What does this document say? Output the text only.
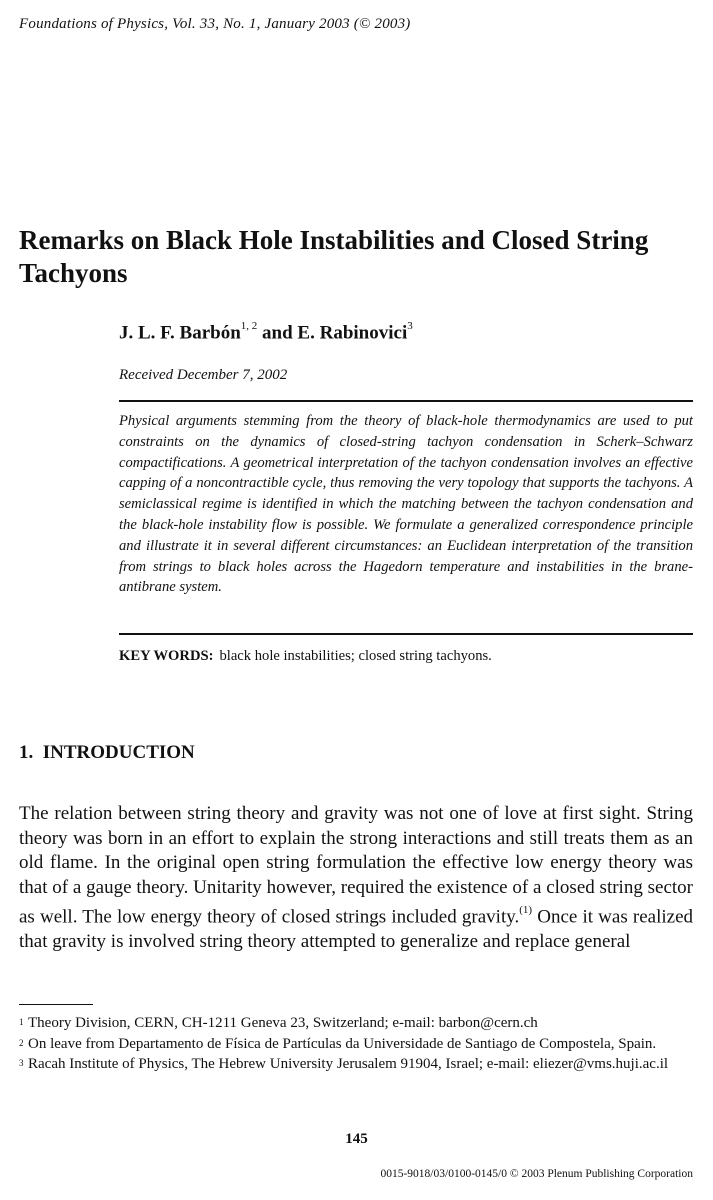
Foundations of Physics, Vol. 33, No. 1, January 2003 (© 2003)
Remarks on Black Hole Instabilities and Closed String Tachyons
J. L. F. Barbón$^{1, 2}$ and E. Rabinovici$^3$
Received December 7, 2002
Physical arguments stemming from the theory of black-hole thermodynamics are used to put constraints on the dynamics of closed-string tachyon condensation in Scherk–Schwarz compactifications. A geometrical interpretation of the tachyon condensation involves an effective capping of a noncontractible cycle, thus removing the very topology that supports the tachyons. A semiclassical regime is identified in which the matching between the tachyon condensation and the black-hole instability flow is possible. We formulate a generalized correspondence principle and illustrate it in several different circumstances: an Euclidean interpretation of the transition from strings to black holes across the Hagedorn temperature and instabilities in the brane-antibrane system.
KEY WORDS: black hole instabilities; closed string tachyons.
1.  INTRODUCTION
The relation between string theory and gravity was not one of love at first sight. String theory was born in an effort to explain the strong interactions and still treats them as an old flame. In the original open string formulation the effective low energy theory was that of a gauge theory. Unitarity however, required the existence of a closed string sector as well. The low energy theory of closed strings included gravity.$^{(1)}$ Once it was realized that gravity is involved string theory attempted to generalize and replace general
1 Theory Division, CERN, CH-1211 Geneva 23, Switzerland; e-mail: barbon@cern.ch
2 On leave from Departamento de Física de Partículas da Universidade de Santiago de Compostela, Spain.
3 Racah Institute of Physics, The Hebrew University Jerusalem 91904, Israel; e-mail: eliezer@vms.huji.ac.il
145
0015-9018/03/0100-0145/0 © 2003 Plenum Publishing Corporation
